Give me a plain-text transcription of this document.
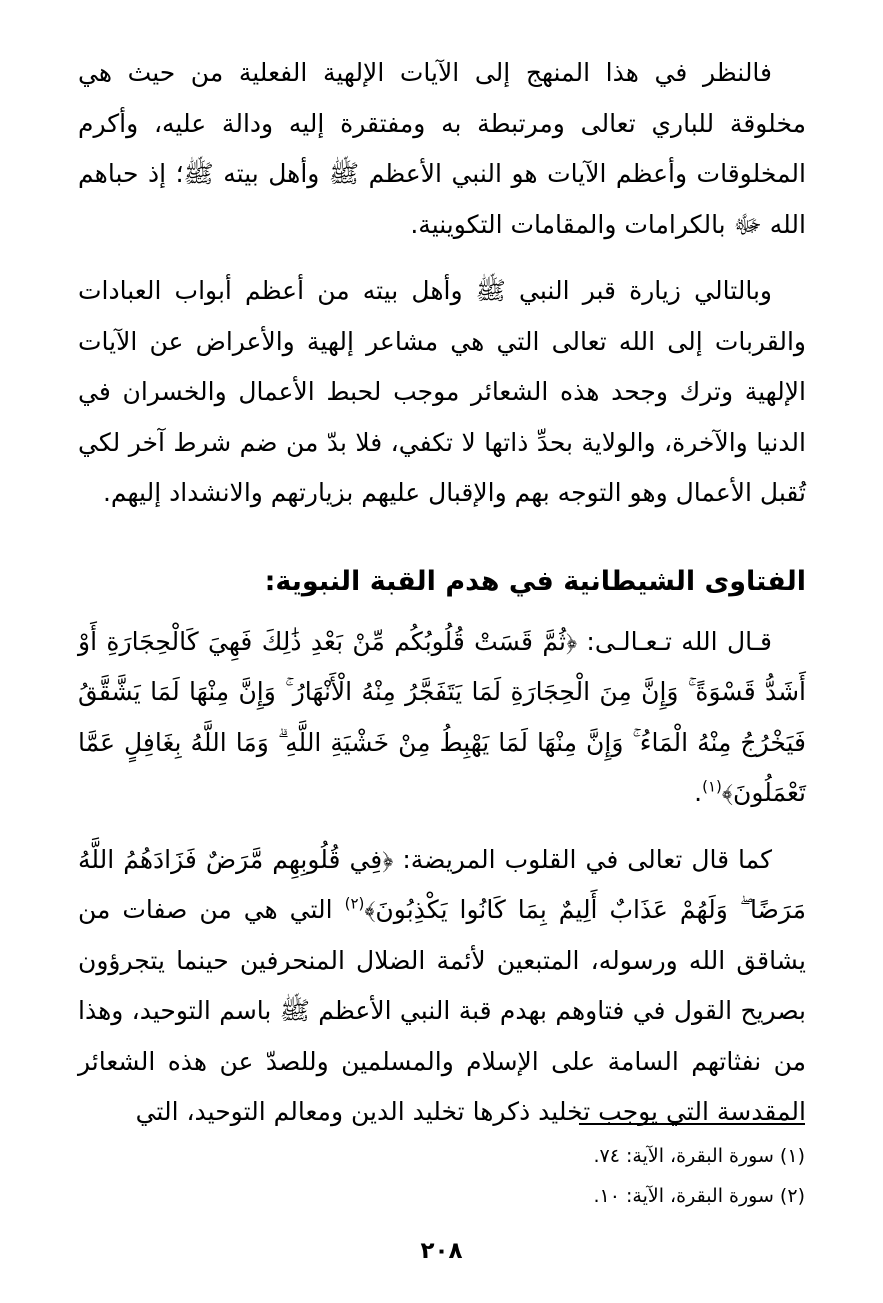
فالنظر في هذا المنهج إلى الآيات الإلهية الفعلية من حيث هي مخلوقة للباري تعالى ومرتبطة به ومفتقرة إليه ودالة عليه، وأكرم المخلوقات وأعظم الآيات هو النبي الأعظم ﷺ وأهل بيته ﷺ؛ إذ حباهم الله ﷻ بالكرامات والمقامات التكوينية.

وبالتالي زيارة قبر النبي ﷺ وأهل بيته من أعظم أبواب العبادات والقربات إلى الله تعالى التي هي مشاعر إلهية والأعراض عن الآيات الإلهية وترك وجحد هذه الشعائر موجب لحبط الأعمال والخسران في الدنيا والآخرة، والولاية بحدِّ ذاتها لا تكفي، فلا بدّ من ضم شرط آخر لكي تُقبل الأعمال وهو التوجه بهم والإقبال عليهم بزيارتهم والانشداد إليهم.

الفتاوى الشيطانية في هدم القبة النبوية:

قـال الله تـعـالـى: ﴿ثُمَّ قَسَتْ قُلُوبُكُم مِّنْ بَعْدِ ذَٰلِكَ فَهِيَ كَالْحِجَارَةِ أَوْ أَشَدُّ قَسْوَةً ۚ وَإِنَّ مِنَ الْحِجَارَةِ لَمَا يَتَفَجَّرُ مِنْهُ الْأَنْهَارُ ۚ وَإِنَّ مِنْهَا لَمَا يَشَّقَّقُ فَيَخْرُجُ مِنْهُ الْمَاءُ ۚ وَإِنَّ مِنْهَا لَمَا يَهْبِطُ مِنْ خَشْيَةِ اللَّهِ ۗ وَمَا اللَّهُ بِغَافِلٍ عَمَّا تَعْمَلُونَ﴾$^{(١)}$.

كما قال تعالى في القلوب المريضة: ﴿فِي قُلُوبِهِم مَّرَضٌ فَزَادَهُمُ اللَّهُ مَرَضًا ۖ وَلَهُمْ عَذَابٌ أَلِيمٌ بِمَا كَانُوا يَكْذِبُونَ﴾$^{(٢)}$ التي هي من صفات من يشاقق الله ورسوله، المتبعين لأئمة الضلال المنحرفين حينما يتجرؤون بصريح القول في فتاوهم بهدم قبة النبي الأعظم ﷺ باسم التوحيد، وهذا من نفثاتهم السامة على الإسلام والمسلمين وللصدّ عن هذه الشعائر المقدسة التي يوجب تخليد ذكرها تخليد الدين ومعالم التوحيد، التي

(١) سورة البقرة، الآية: ٧٤.

(٢) سورة البقرة، الآية: ١٠.

٢٠٨
